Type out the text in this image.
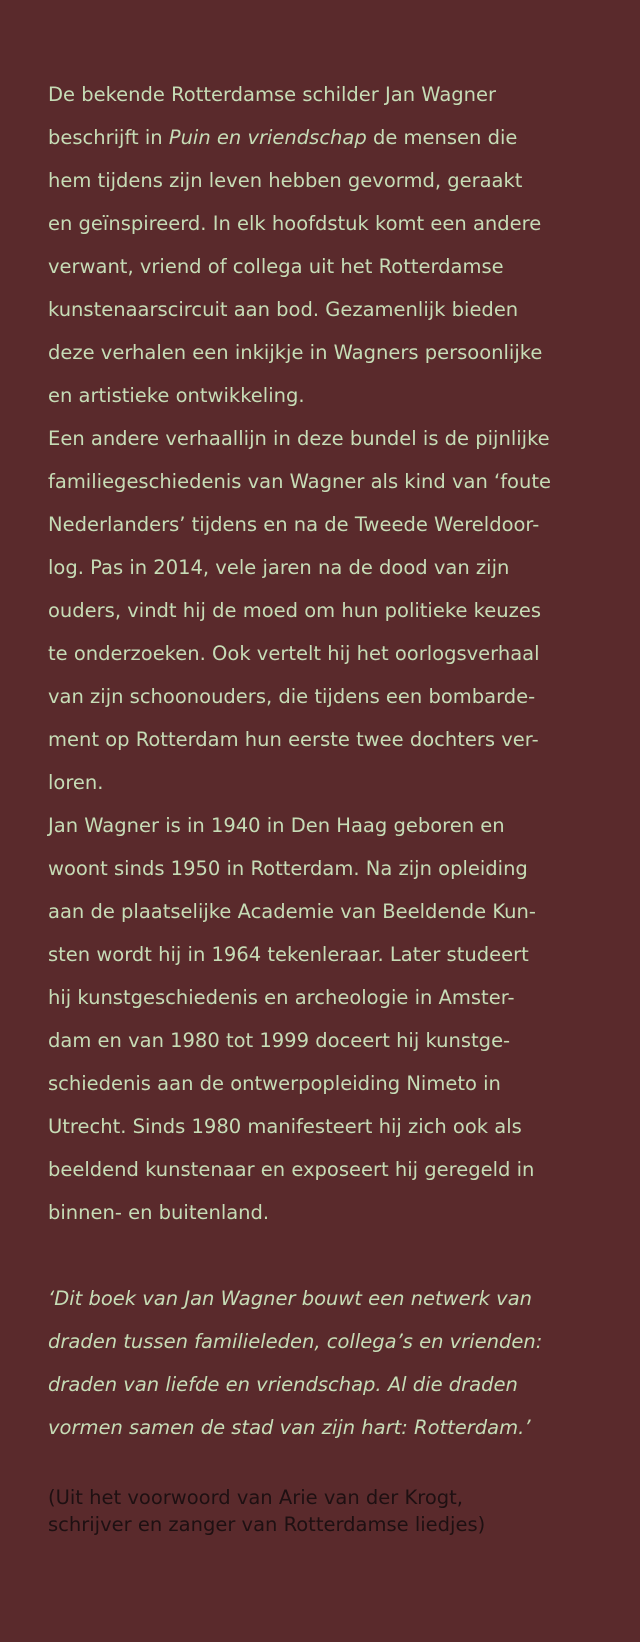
De bekende Rotterdamse schilder Jan Wagner
beschrijft in Puin en vriendschap de mensen die
hem tijdens zijn leven hebben gevormd, geraakt
en geïnspireerd. In elk hoofdstuk komt een andere
verwant, vriend of collega uit het Rotterdamse
kunstenaarscircuit aan bod. Gezamenlijk bieden
deze verhalen een inkijkje in Wagners persoonlijke
en artistieke ontwikkeling.

Een andere verhaallijn in deze bundel is de pijnlijke
familiegeschiedenis van Wagner als kind van ‘foute
Nederlanders’ tijdens en na de Tweede Wereldoor-
log. Pas in 2014, vele jaren na de dood van zijn
ouders, vindt hij de moed om hun politieke keuzes
te onderzoeken. Ook vertelt hij het oorlogsverhaal
van zijn schoonouders, die tijdens een bombarde-
ment op Rotterdam hun eerste twee dochters ver-
loren.

Jan Wagner is in 1940 in Den Haag geboren en
woont sinds 1950 in Rotterdam. Na zijn opleiding
aan de plaatselijke Academie van Beeldende Kun-
sten wordt hij in 1964 tekenleraar. Later studeert
hij kunstgeschiedenis en archeologie in Amster-
dam en van 1980 tot 1999 doceert hij kunstge-
schiedenis aan de ontwerpopleiding Nimeto in
Utrecht. Sinds 1980 manifesteert hij zich ook als
beeldend kunstenaar en exposeert hij geregeld in
binnen- en buitenland.

‘Dit boek van Jan Wagner bouwt een netwerk van
draden tussen familieleden, collega’s en vrienden:
draden van liefde en vriendschap. Al die draden
vormen samen de stad van zijn hart: Rotterdam.’
(Uit het voorwoord van Arie van der Krogt,
schrijver en zanger van Rotterdamse liedjes)
